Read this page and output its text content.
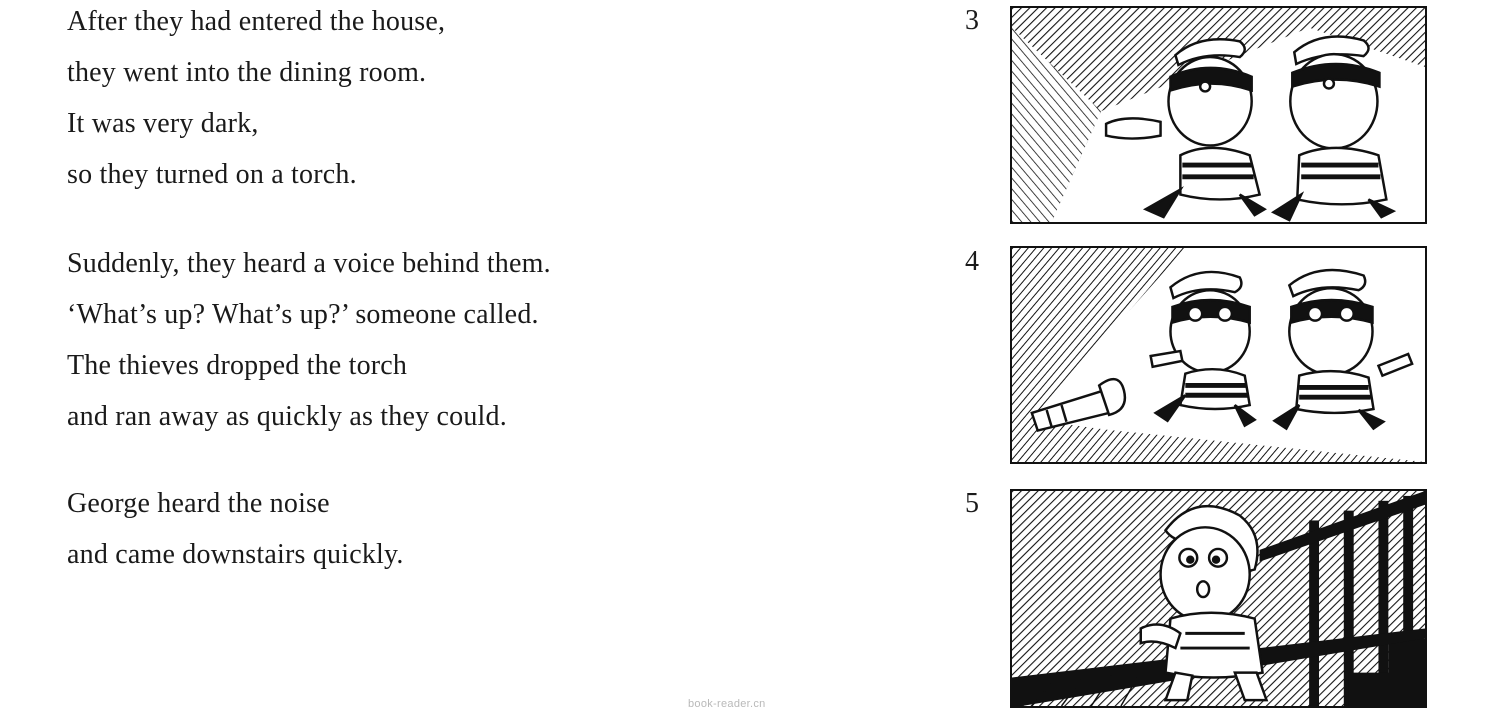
After they had entered the house,
they went into the dining room.
It was very dark,
so they turned on a torch.
Suddenly, they heard a voice behind them.
‘What’s up? What’s up?’ someone called.
The thieves dropped the torch
and ran away as quickly as they could.
George heard the noise
and came downstairs quickly.
3
4
5
book-reader.cn
